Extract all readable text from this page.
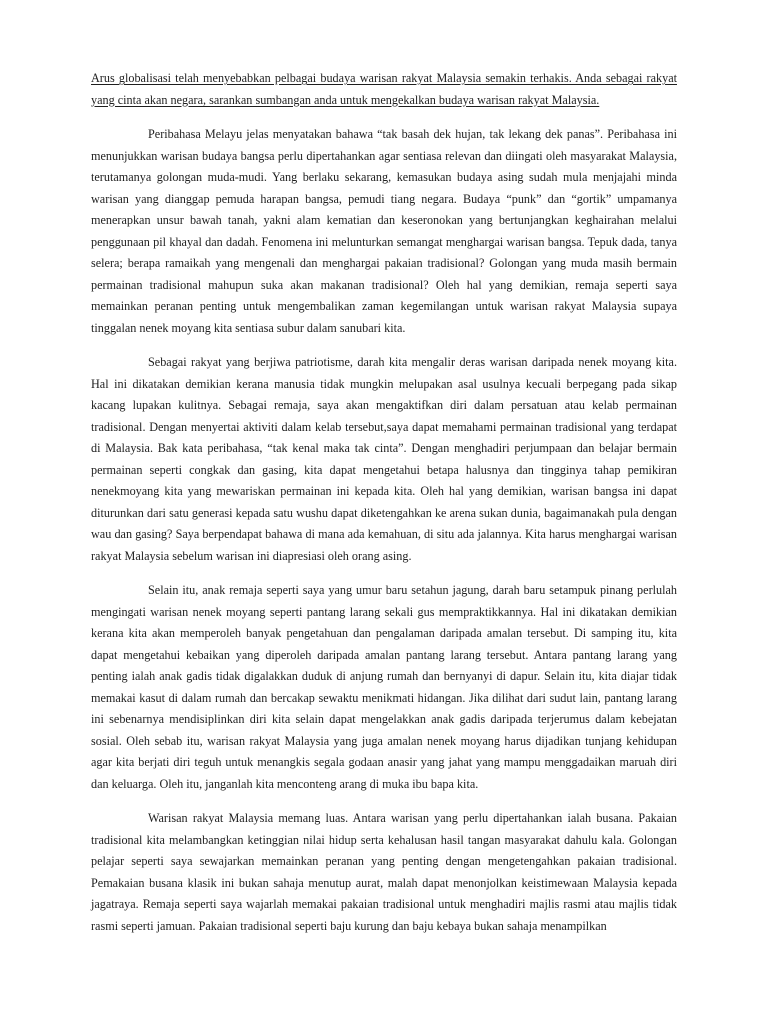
Arus globalisasi telah menyebabkan pelbagai budaya warisan rakyat Malaysia semakin terhakis. Anda sebagai rakyat yang cinta akan negara, sarankan sumbangan anda untuk mengekalkan budaya warisan rakyat Malaysia.

Peribahasa Melayu jelas menyatakan bahawa “tak basah dek hujan, tak lekang dek panas”. Peribahasa ini menunjukkan warisan budaya bangsa perlu dipertahankan agar sentiasa relevan dan diingati oleh masyarakat Malaysia, terutamanya golongan muda-mudi. Yang berlaku sekarang, kemasukan budaya asing sudah mula menjajahi minda warisan yang dianggap pemuda harapan bangsa, pemudi tiang negara. Budaya “punk” dan “gortik” umpamanya menerapkan unsur bawah tanah, yakni alam kematian dan keseronokan yang bertunjangkan keghairahan melalui penggunaan pil khayal dan dadah. Fenomena ini melunturkan semangat menghargai warisan bangsa. Tepuk dada, tanya selera; berapa ramaikah yang mengenali dan menghargai pakaian tradisional? Golongan yang muda masih bermain permainan tradisional mahupun suka akan makanan tradisional? Oleh hal yang demikian, remaja seperti saya memainkan peranan penting untuk mengembalikan zaman kegemilangan untuk warisan rakyat Malaysia supaya tinggalan nenek moyang kita sentiasa subur dalam sanubari kita.

Sebagai rakyat yang berjiwa patriotisme, darah kita mengalir deras warisan daripada nenek moyang kita. Hal ini dikatakan demikian kerana manusia tidak mungkin melupakan asal usulnya kecuali berpegang pada sikap kacang lupakan kulitnya. Sebagai remaja, saya akan mengaktifkan diri dalam persatuan atau kelab permainan tradisional. Dengan menyertai aktiviti dalam kelab tersebut,saya dapat memahami permainan tradisional yang terdapat di Malaysia. Bak kata peribahasa, “tak kenal maka tak cinta”. Dengan menghadiri perjumpaan dan belajar bermain permainan seperti congkak dan gasing, kita dapat mengetahui betapa halusnya dan tingginya tahap pemikiran nenekmoyang kita yang mewariskan permainan ini kepada kita. Oleh hal yang demikian, warisan bangsa ini dapat diturunkan dari satu generasi kepada satu wushu dapat diketengahkan ke arena sukan dunia, bagaimanakah pula dengan wau dan gasing? Saya berpendapat bahawa di mana ada kemahuan, di situ ada jalannya. Kita harus menghargai warisan rakyat Malaysia sebelum warisan ini diapresiasi oleh orang asing.

Selain itu, anak remaja seperti saya yang umur baru setahun jagung, darah baru setampuk pinang perlulah mengingati warisan nenek moyang seperti pantang larang sekali gus mempraktikkannya. Hal ini dikatakan demikian kerana kita akan memperoleh banyak pengetahuan dan pengalaman daripada amalan tersebut. Di samping itu, kita dapat mengetahui kebaikan yang diperoleh daripada amalan pantang larang tersebut. Antara pantang larang yang penting ialah anak gadis tidak digalakkan duduk di anjung rumah dan bernyanyi di dapur. Selain itu, kita diajar tidak memakai kasut di dalam rumah dan bercakap sewaktu menikmati hidangan. Jika dilihat dari sudut lain, pantang larang ini sebenarnya mendisiplinkan diri kita selain dapat mengelakkan anak gadis daripada terjerumus dalam kebejatan sosial. Oleh sebab itu, warisan rakyat Malaysia yang juga amalan nenek moyang harus dijadikan tunjang kehidupan agar kita berjati diri teguh untuk menangkis segala godaan anasir yang jahat yang mampu menggadaikan maruah diri dan keluarga. Oleh itu, janganlah kita menconteng arang di muka ibu bapa kita.

Warisan rakyat Malaysia memang luas. Antara warisan yang perlu dipertahankan ialah busana. Pakaian tradisional kita melambangkan ketinggian nilai hidup serta kehalusan hasil tangan masyarakat dahulu kala. Golongan pelajar seperti saya sewajarkan memainkan peranan yang penting dengan mengetengahkan pakaian tradisional. Pemakaian busana klasik ini bukan sahaja menutup aurat, malah dapat menonjolkan keistimewaan Malaysia kepada jagatraya. Remaja seperti saya wajarlah memakai pakaian tradisional untuk menghadiri majlis rasmi atau majlis tidak rasmi seperti jamuan. Pakaian tradisional seperti baju kurung dan baju kebaya bukan sahaja menampilkan
